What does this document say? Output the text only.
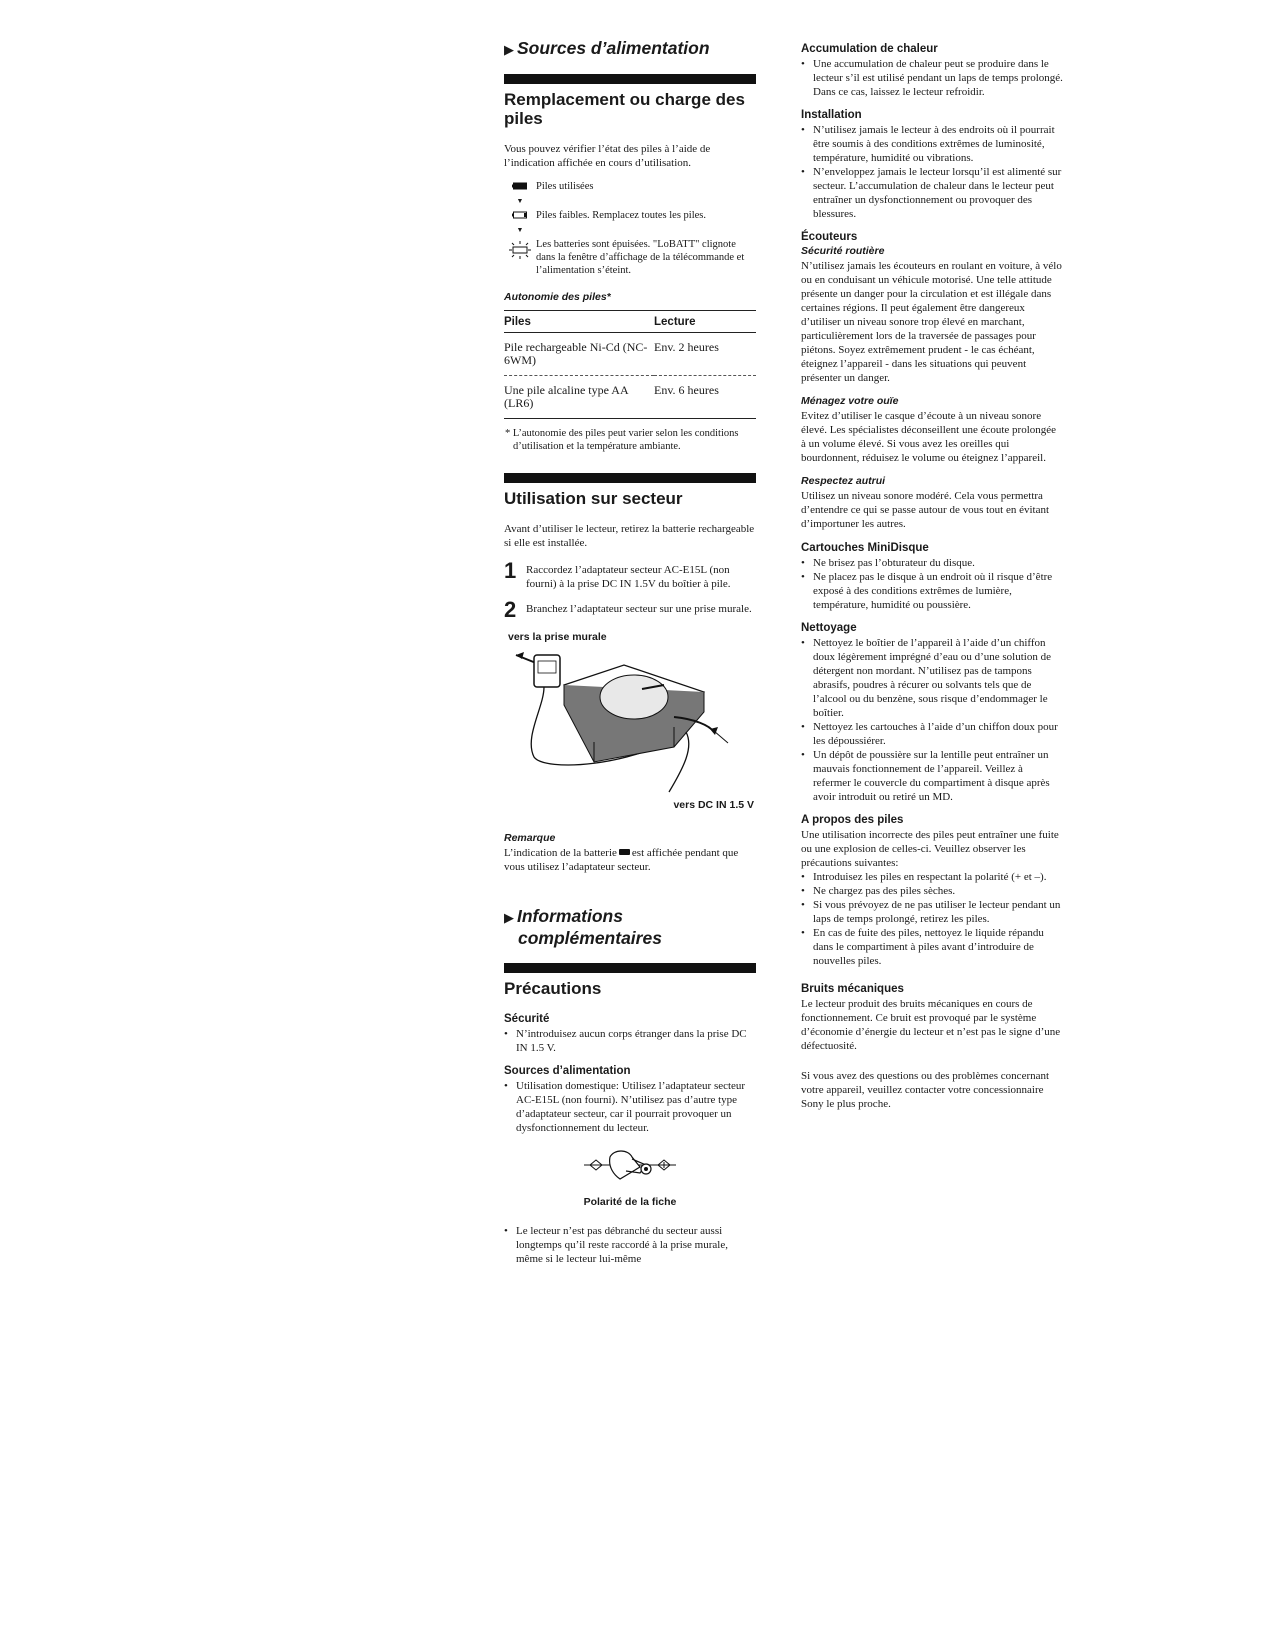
▶ Sources d’alimentation
Remplacement ou charge des piles
Vous pouvez vérifier l’état des piles à l’aide de l’indication affichée en cours d’utilisation.
Piles utilisées
▼
Piles faibles. Remplacez toutes les piles.
▼
Les batteries sont épuisées. "LoBATT" clignote dans la fenêtre d’affichage de la télécommande et l’alimentation s’éteint.
Autonomie des piles*
Piles	Lecture
Pile rechargeable Ni-Cd (NC-6WM)	Env. 2 heures
Une pile alcaline type AA (LR6)	Env. 6 heures
* L’autonomie des piles peut varier selon les conditions d’utilisation et la température ambiante.
Utilisation sur secteur
Avant d’utiliser le lecteur, retirez la batterie rechargeable si elle est installée.
1 Raccordez l’adaptateur secteur AC-E15L (non fourni) à la prise DC IN 1.5V du boîtier à pile.
2 Branchez l’adaptateur secteur sur une prise murale.
vers la prise murale
vers DC IN 1.5 V
Remarque
L’indication de la batterie est affichée pendant que vous utilisez l’adaptateur secteur.
▶ Informations
complémentaires
Précautions
Sécurité
• N’introduisez aucun corps étranger dans la prise DC IN 1.5 V.
Sources d’alimentation
• Utilisation domestique: Utilisez l’adaptateur secteur AC-E15L (non fourni). N’utilisez pas d’autre type d’adaptateur secteur, car il pourrait provoquer un dysfonctionnement du lecteur.
Polarité de la fiche
• Le lecteur n’est pas débranché du secteur aussi longtemps qu’il reste raccordé à la prise murale, même si le lecteur lui-même
Accumulation de chaleur
• Une accumulation de chaleur peut se produire dans le lecteur s’il est utilisé pendant un laps de temps prolongé. Dans ce cas, laissez le lecteur refroidir.
Installation
• N’utilisez jamais le lecteur à des endroits où il pourrait être soumis à des conditions extrêmes de luminosité, température, humidité ou vibrations.
• N’enveloppez jamais le lecteur lorsqu’il est alimenté sur secteur. L’accumulation de chaleur dans le lecteur peut entraîner un dysfonctionnement ou provoquer des blessures.
Écouteurs
Sécurité routière
N’utilisez jamais les écouteurs en roulant en voiture, à vélo ou en conduisant un véhicule motorisé. Une telle attitude présente un danger pour la circulation et est illégale dans certaines régions. Il peut également être dangereux d’utiliser un niveau sonore trop élevé en marchant, particulièrement lors de la traversée de passages pour piétons. Soyez extrêmement prudent - le cas échéant, éteignez l’appareil - dans les situations qui peuvent présenter un danger.
Ménagez votre ouïe
Evitez d’utiliser le casque d’écoute à un niveau sonore élevé. Les spécialistes déconseillent une écoute prolongée à un volume élevé. Si vous avez les oreilles qui bourdonnent, réduisez le volume ou éteignez l’appareil.
Respectez autrui
Utilisez un niveau sonore modéré. Cela vous permettra d’entendre ce qui se passe autour de vous tout en évitant d’importuner les autres.
Cartouches MiniDisque
• Ne brisez pas l’obturateur du disque.
• Ne placez pas le disque à un endroit où il risque d’être exposé à des conditions extrêmes de lumière, température, humidité ou poussière.
Nettoyage
• Nettoyez le boîtier de l’appareil à l’aide d’un chiffon doux légèrement imprégné d’eau ou d’une solution de détergent non mordant. N’utilisez pas de tampons abrasifs, poudres à récurer ou solvants tels que de l’alcool ou du benzène, sous risque d’endommager le boîtier.
• Nettoyez les cartouches à l’aide d’un chiffon doux pour les dépoussiérer.
• Un dépôt de poussière sur la lentille peut entraîner un mauvais fonctionnement de l’appareil. Veillez à refermer le couvercle du compartiment à disque après avoir introduit ou retiré un MD.
A propos des piles
Une utilisation incorrecte des piles peut entraîner une fuite ou une explosion de celles-ci. Veuillez observer les précautions suivantes:
• Introduisez les piles en respectant la polarité (+ et –).
• Ne chargez pas des piles sèches.
• Si vous prévoyez de ne pas utiliser le lecteur pendant un laps de temps prolongé, retirez les piles.
• En cas de fuite des piles, nettoyez le liquide répandu dans le compartiment à piles avant d’introduire de nouvelles piles.
Bruits mécaniques
Le lecteur produit des bruits mécaniques en cours de fonctionnement. Ce bruit est provoqué par le système d’économie d’énergie du lecteur et n’est pas le signe d’une défectuosité.
Si vous avez des questions ou des problèmes concernant votre appareil, veuillez contacter votre concessionnaire Sony le plus proche.
